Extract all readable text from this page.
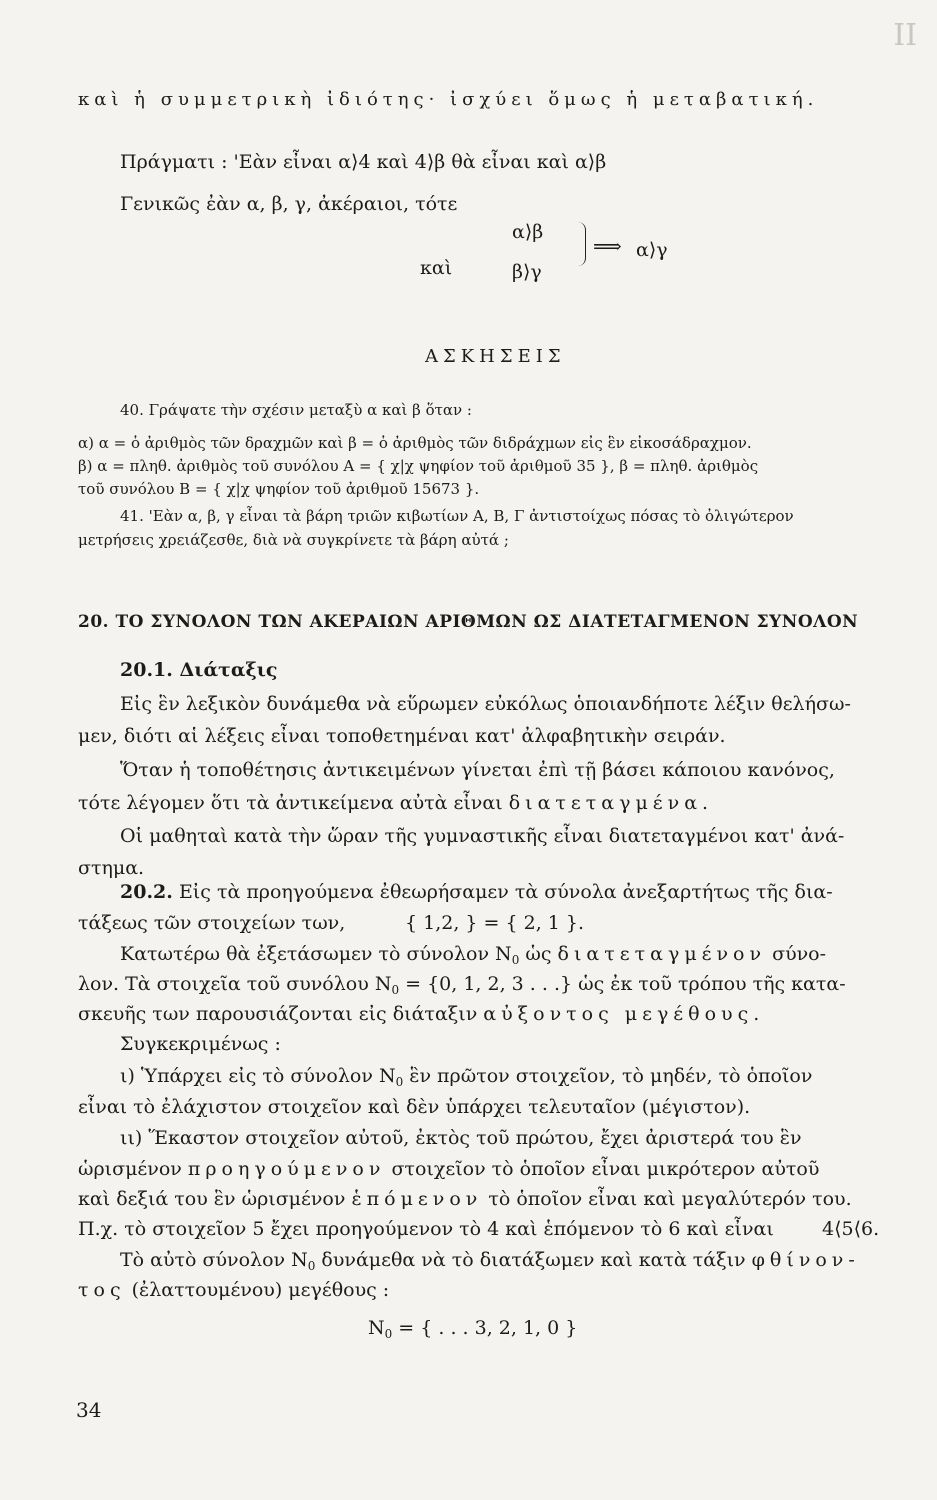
II
καὶ ἡ συμμετρικὴ ἰδιότης· ἰσχύει ὅμως ἡ μεταβατική.
Πράγματι : 'Εὰν εἶναι α⟩4 καὶ 4⟩β θὰ εἶναι καὶ α⟩β
Γενικῶς ἐὰν α, β, γ, ἀκέραιοι, τότε
α⟩β
καὶ	β⟩γ
⟹ α⟩γ
ΑΣΚΗΣΕΙΣ
40. Γράψατε τὴν σχέσιν μεταξὺ α καὶ β ὅταν :
α) α = ὁ ἀριθμὸς τῶν δραχμῶν καὶ β = ὁ ἀριθμὸς τῶν διδράχμων εἰς ἓν εἰκοσάδραχμον.
β) α = πληθ. ἀριθμὸς τοῦ συνόλου Α = { χ|χ ψηφίον τοῦ ἀριθμοῦ 35 }, β = πληθ. ἀριθμὸς
τοῦ συνόλου Β = { χ|χ ψηφίον τοῦ ἀριθμοῦ 15673 }.
41. 'Εὰν α, β, γ εἶναι τὰ βάρη τριῶν κιβωτίων Α, Β, Γ ἀντιστοίχως πόσας τὸ ὀλιγώτερον
μετρήσεις χρειάζεσθε, διὰ νὰ συγκρίνετε τὰ βάρη αὐτά ;
20. ΤΟ ΣΥΝΟΛΟΝ ΤΩΝ ΑΚΕΡΑΙΩΝ ΑΡΙΘΜΩΝ ΩΣ ΔΙΑΤΕΤΑΓΜΕΝΟΝ ΣΥΝΟΛΟΝ
20.1. Διάταξις
Εἰς ἓν λεξικὸν δυνάμεθα νὰ εὕρωμεν εὐκόλως ὁποιανδήποτε λέξιν θελήσω-
μεν, διότι αἱ λέξεις εἶναι τοποθετημέναι κατ' ἀλφαβητικὴν σειράν.
Ὅταν ἡ τοποθέτησις ἀντικειμένων γίνεται ἐπὶ τῇ βάσει κάποιου κανόνος,
τότε λέγομεν ὅτι τὰ ἀντικείμενα αὐτὰ εἶναι διατεταγμένα.
Οἱ μαθηταὶ κατὰ τὴν ὥραν τῆς γυμναστικῆς εἶναι διατεταγμένοι κατ' ἀνά-
στημα.
20.2. Εἰς τὰ προηγούμενα ἐθεωρήσαμεν τὰ σύνολα ἀνεξαρτήτως τῆς δια-
τάξεως τῶν στοιχείων των,	{ 1,2, } = { 2, 1 }.
Κατωτέρω θὰ ἐξετάσωμεν τὸ σύνολον $N_0$ ὡς διατεταγμένον σύνο-
λον. Τὰ στοιχεῖα τοῦ συνόλου $N_0 = \{0$, 1, 2, 3 . . .} ὡς ἐκ τοῦ τρόπου τῆς κατα-
σκευῆς των παρουσιάζονται εἰς διάταξιν αὐξοντος μεγέθους.
Συγκεκριμένως :
ι) Ὑπάρχει εἰς τὸ σύνολον $N_0$ ἓν πρῶτον στοιχεῖον, τὸ μηδέν, τὸ ὁποῖον
εἶναι τὸ ἐλάχιστον στοιχεῖον καὶ δὲν ὑπάρχει τελευταῖον (μέγιστον).
ιι) Ἕκαστον στοιχεῖον αὐτοῦ, ἐκτὸς τοῦ πρώτου, ἔχει ἀριστερά του ἓν
ὡρισμένον προηγούμενον στοιχεῖον τὸ ὁποῖον εἶναι μικρότερον αὐτοῦ
καὶ δεξιά του ἓν ὡρισμένον ἑπόμενον τὸ ὁποῖον εἶναι καὶ μεγαλύτερόν του.
Π.χ. τὸ στοιχεῖον 5 ἔχει προηγούμενον τὸ 4 καὶ ἑπόμενον τὸ 6 καὶ εἶναι	4⟨5⟨6.
Τὸ αὐτὸ σύνολον $N_0$ δυνάμεθα νὰ τὸ διατάξωμεν καὶ κατὰ τάξιν φθίνον-
τος (ἐλαττουμένου) μεγέθους :
$N_0$ = { . . . 3, 2, 1, 0 }
34
